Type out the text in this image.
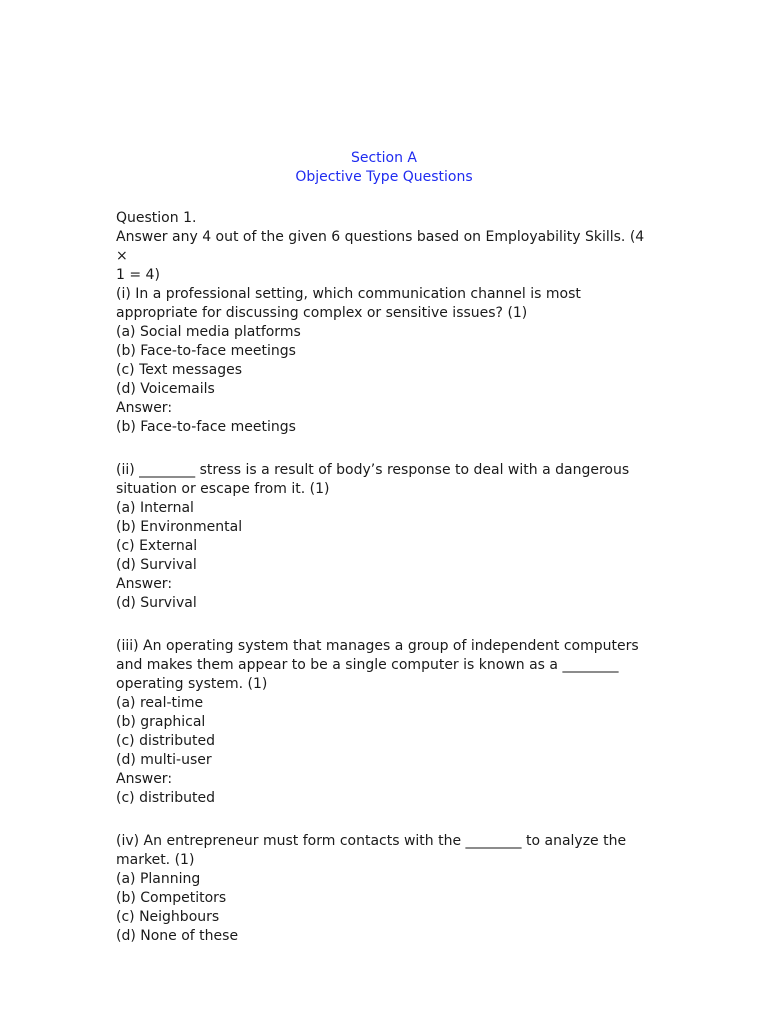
Section A
Objective Type Questions
Question 1.
Answer any 4 out of the given 6 questions based on Employability Skills. (4 ×
1 = 4)
(i) In a professional setting, which communication channel is most
appropriate for discussing complex or sensitive issues? (1)
(a) Social media platforms
(b) Face-to-face meetings
(c) Text messages
(d) Voicemails
Answer:
(b) Face-to-face meetings
(ii) ________ stress is a result of body’s response to deal with a dangerous
situation or escape from it. (1)
(a) Internal
(b) Environmental
(c) External
(d) Survival
Answer:
(d) Survival
(iii) An operating system that manages a group of independent computers
and makes them appear to be a single computer is known as a ________
operating system. (1)
(a) real-time
(b) graphical
(c) distributed
(d) multi-user
Answer:
(c) distributed
(iv) An entrepreneur must form contacts with the ________ to analyze the
market. (1)
(a) Planning
(b) Competitors
(c) Neighbours
(d) None of these
